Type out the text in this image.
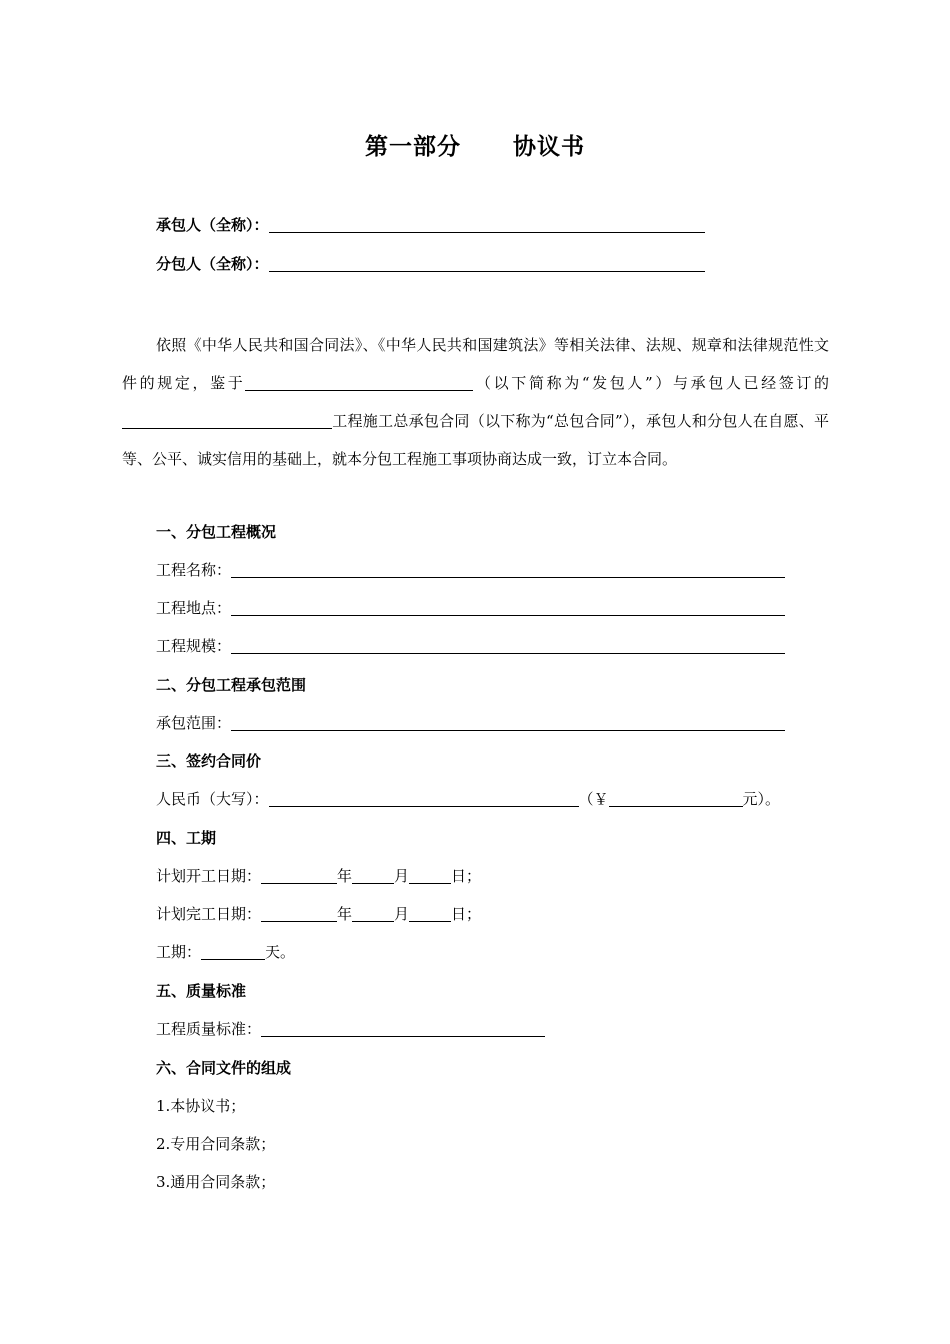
第一部分 协议书
承包人（全称）：
分包人（全称）：
依照《中华人民共和国合同法》、《中华人民共和国建筑法》等相关法律、法规、规章和法律规范性文件的规定，鉴于	（以下简称为“发包人”）与承包人已经签订的工程施工总承包合同（以下称为“总包合同”），承包人和分包人在自愿、平等、公平、诚实信用的基础上，就本分包工程施工事项协商达成一致，订立本合同。
一、分包工程概况
工程名称：
工程地点：
工程规模：
二、分包工程承包范围
承包范围：
三、签约合同价
人民币（大写）：	（￥	元）。
四、工期
计划开工日期：	年	月	日；
计划完工日期：	年	月	日；
工期：	天。
五、质量标准
工程质量标准：
六、合同文件的组成
1.本协议书；
2.专用合同条款；
3.通用合同条款；
